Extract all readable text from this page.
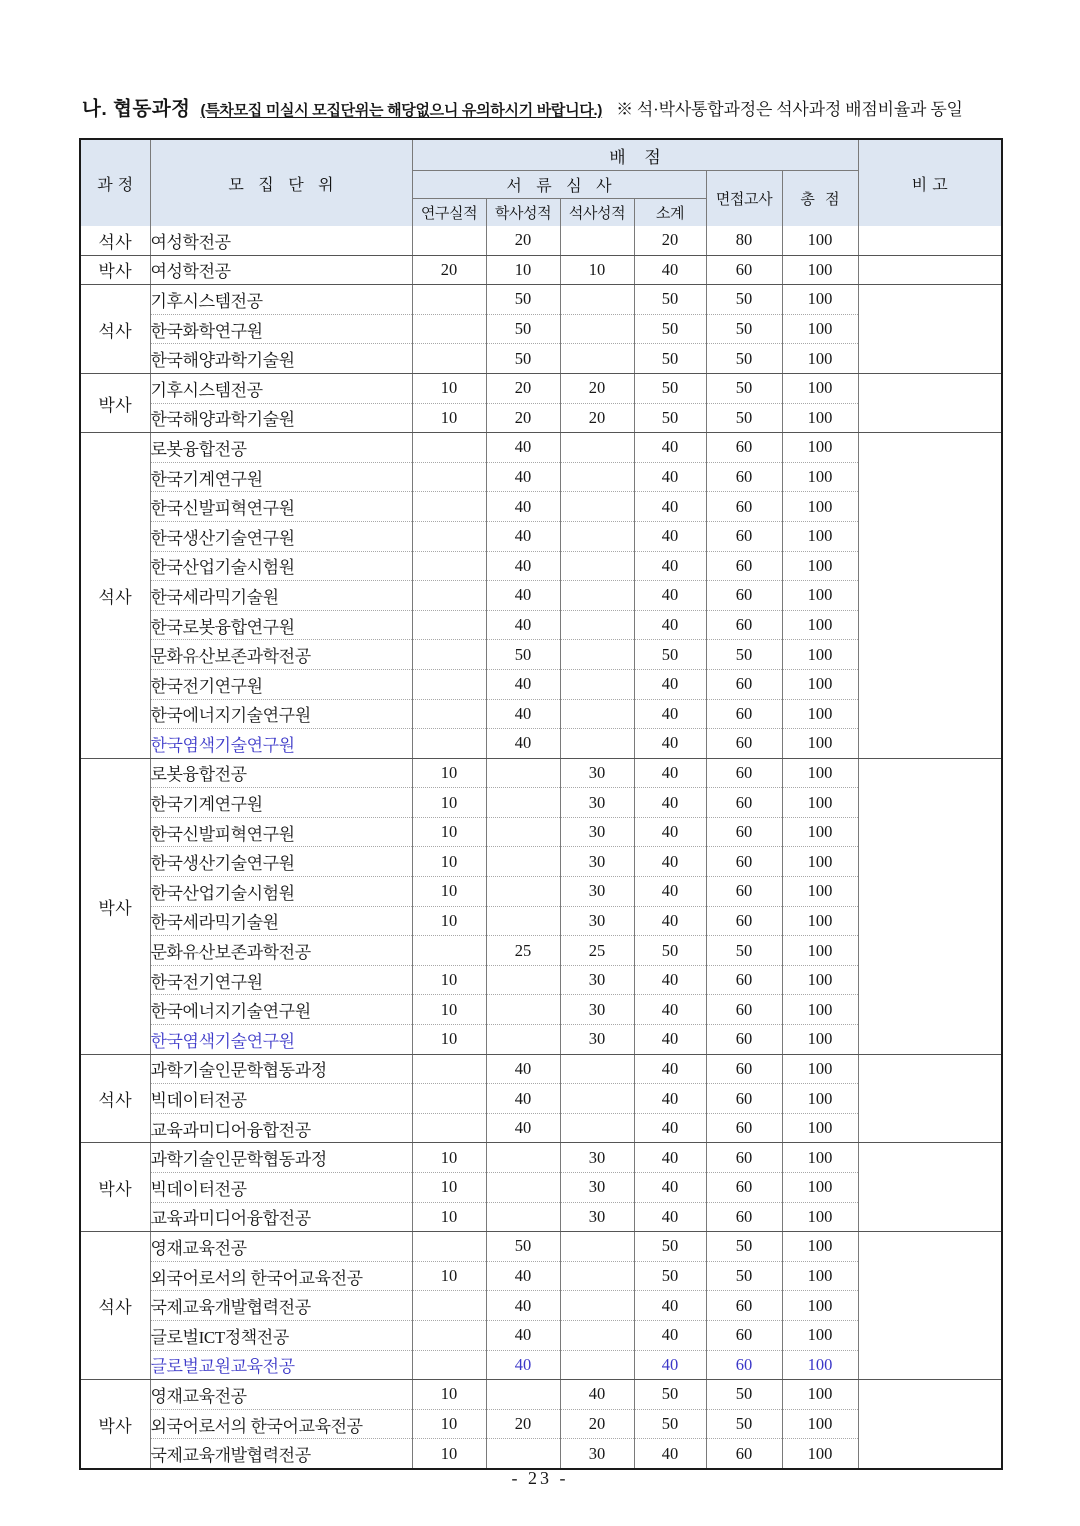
나. 협동과정 (특차모집 미실시 모집단위는 해당없으니 유의하시기 바랍니다.) ※ 석·박사통합과정은 석사과정 배점비율과 동일
과정	모 집 단 위	배 점						비고
		서 류 심 사				면접고사	총 점	
		연구실적	학사성적	석사성적	소계			
석사	여성학전공		20		20	80	100	
박사	여성학전공	20	10	10	40	60	100	
석사	기후시스템전공		50		50	50	100	
	한국화학연구원		50		50	50	100	
	한국해양과학기술원		50		50	50	100	
박사	기후시스템전공	10	20	20	50	50	100	
	한국해양과학기술원	10	20	20	50	50	100	
석사	로봇융합전공		40		40	60	100	
	한국기계연구원		40		40	60	100	
	한국신발피혁연구원		40		40	60	100	
	한국생산기술연구원		40		40	60	100	
	한국산업기술시험원		40		40	60	100	
	한국세라믹기술원		40		40	60	100	
	한국로봇융합연구원		40		40	60	100	
	문화유산보존과학전공		50		50	50	100	
	한국전기연구원		40		40	60	100	
	한국에너지기술연구원		40		40	60	100	
	한국염색기술연구원		40		40	60	100	
박사	로봇융합전공	10		30	40	60	100	
	한국기계연구원	10		30	40	60	100	
	한국신발피혁연구원	10		30	40	60	100	
	한국생산기술연구원	10		30	40	60	100	
	한국산업기술시험원	10		30	40	60	100	
	한국세라믹기술원	10		30	40	60	100	
	문화유산보존과학전공		25	25	50	50	100	
	한국전기연구원	10		30	40	60	100	
	한국에너지기술연구원	10		30	40	60	100	
	한국염색기술연구원	10		30	40	60	100	
석사	과학기술인문학협동과정		40		40	60	100	
	빅데이터전공		40		40	60	100	
	교육과미디어융합전공		40		40	60	100	
박사	과학기술인문학협동과정	10		30	40	60	100	
	빅데이터전공	10		30	40	60	100	
	교육과미디어융합전공	10		30	40	60	100	
석사	영재교육전공		50		50	50	100	
	외국어로서의 한국어교육전공	10	40		50	50	100	
	국제교육개발협력전공		40		40	60	100	
	글로벌ICT정책전공		40		40	60	100	
	글로벌교원교육전공		40		40	60	100	
박사	영재교육전공	10		40	50	50	100	
	외국어로서의 한국어교육전공	10	20	20	50	50	100	
	국제교육개발협력전공	10		30	40	60	100	
- 23 -
